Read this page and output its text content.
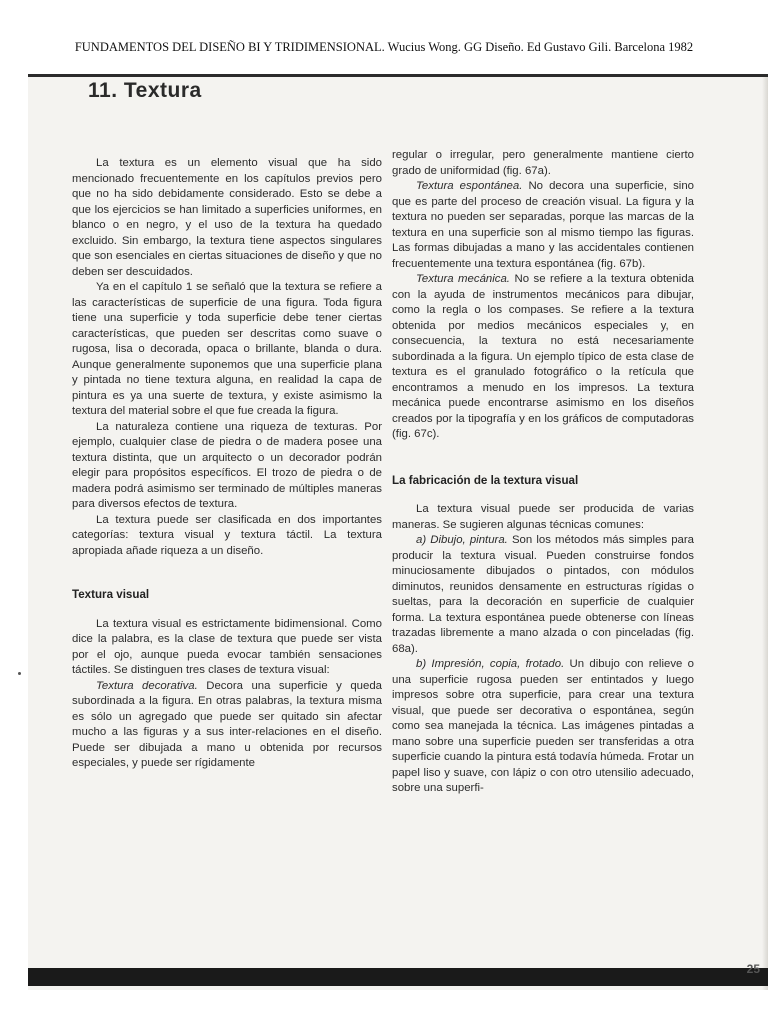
FUNDAMENTOS DEL DISEÑO BI Y TRIDIMENSIONAL. Wucius Wong. GG Diseño. Ed Gustavo Gili. Barcelona 1982
11. Textura

La textura es un elemento visual que ha sido mencionado frecuentemente en los capítulos previos pero que no ha sido debidamente considerado. Esto se debe a que los ejercicios se han limitado a superficies uniformes, en blanco o en negro, y el uso de la textura ha quedado excluido. Sin embargo, la textura tiene aspectos singulares que son esenciales en ciertas situaciones de diseño y que no deben ser descuidados.

Ya en el capítulo 1 se señaló que la textura se refiere a las características de superficie de una figura. Toda figura tiene una superficie y toda superficie debe tener ciertas características, que pueden ser descritas como suave o rugosa, lisa o decorada, opaca o brillante, blanda o dura. Aunque generalmente suponemos que una superficie plana y pintada no tiene textura alguna, en realidad la capa de pintura es ya una suerte de textura, y existe asimismo la textura del material sobre el que fue creada la figura.

La naturaleza contiene una riqueza de texturas. Por ejemplo, cualquier clase de piedra o de madera posee una textura distinta, que un arquitecto o un decorador podrán elegir para propósitos específicos. El trozo de piedra o de madera podrá asimismo ser terminado de múltiples maneras para diversos efectos de textura.

La textura puede ser clasificada en dos importantes categorías: textura visual y textura táctil. La textura apropiada añade riqueza a un diseño.

Textura visual

La textura visual es estrictamente bidimensional. Como dice la palabra, es la clase de textura que puede ser vista por el ojo, aunque pueda evocar también sensaciones táctiles. Se distinguen tres clases de textura visual:

Textura decorativa. Decora una superficie y queda subordinada a la figura. En otras palabras, la textura misma es sólo un agregado que puede ser quitado sin afectar mucho a las figuras y a sus inter-relaciones en el diseño. Puede ser dibujada a mano u obtenida por recursos especiales, y puede ser rígidamente

regular o irregular, pero generalmente mantiene cierto grado de uniformidad (fig. 67a).

Textura espontánea. No decora una superficie, sino que es parte del proceso de creación visual. La figura y la textura no pueden ser separadas, porque las marcas de la textura en una superficie son al mismo tiempo las figuras. Las formas dibujadas a mano y las accidentales contienen frecuentemente una textura espontánea (fig. 67b).

Textura mecánica. No se refiere a la textura obtenida con la ayuda de instrumentos mecánicos para dibujar, como la regla o los compases. Se refiere a la textura obtenida por medios mecánicos especiales y, en consecuencia, la textura no está necesariamente subordinada a la figura. Un ejemplo típico de esta clase de textura es el granulado fotográfico o la retícula que encontramos a menudo en los impresos. La textura mecánica puede encontrarse asimismo en los diseños creados por la tipografía y en los gráficos de computadoras (fig. 67c).

La fabricación de la textura visual

La textura visual puede ser producida de varias maneras. Se sugieren algunas técnicas comunes:

a) Dibujo, pintura. Son los métodos más simples para producir la textura visual. Pueden construirse fondos minuciosamente dibujados o pintados, con módulos diminutos, reunidos densamente en estructuras rígidas o sueltas, para la decoración en superficie de cualquier forma. La textura espontánea puede obtenerse con líneas trazadas libremente a mano alzada o con pinceladas (fig. 68a).

b) Impresión, copia, frotado. Un dibujo con relieve o una superficie rugosa pueden ser entintados y luego impresos sobre otra superficie, para crear una textura visual, que puede ser decorativa o espontánea, según como sea manejada la técnica. Las imágenes pintadas a mano sobre una superficie pueden ser transferidas a otra superficie cuando la pintura está todavía húmeda. Frotar un papel liso y suave, con lápiz o con otro utensilio adecuado, sobre una superfi-

25
